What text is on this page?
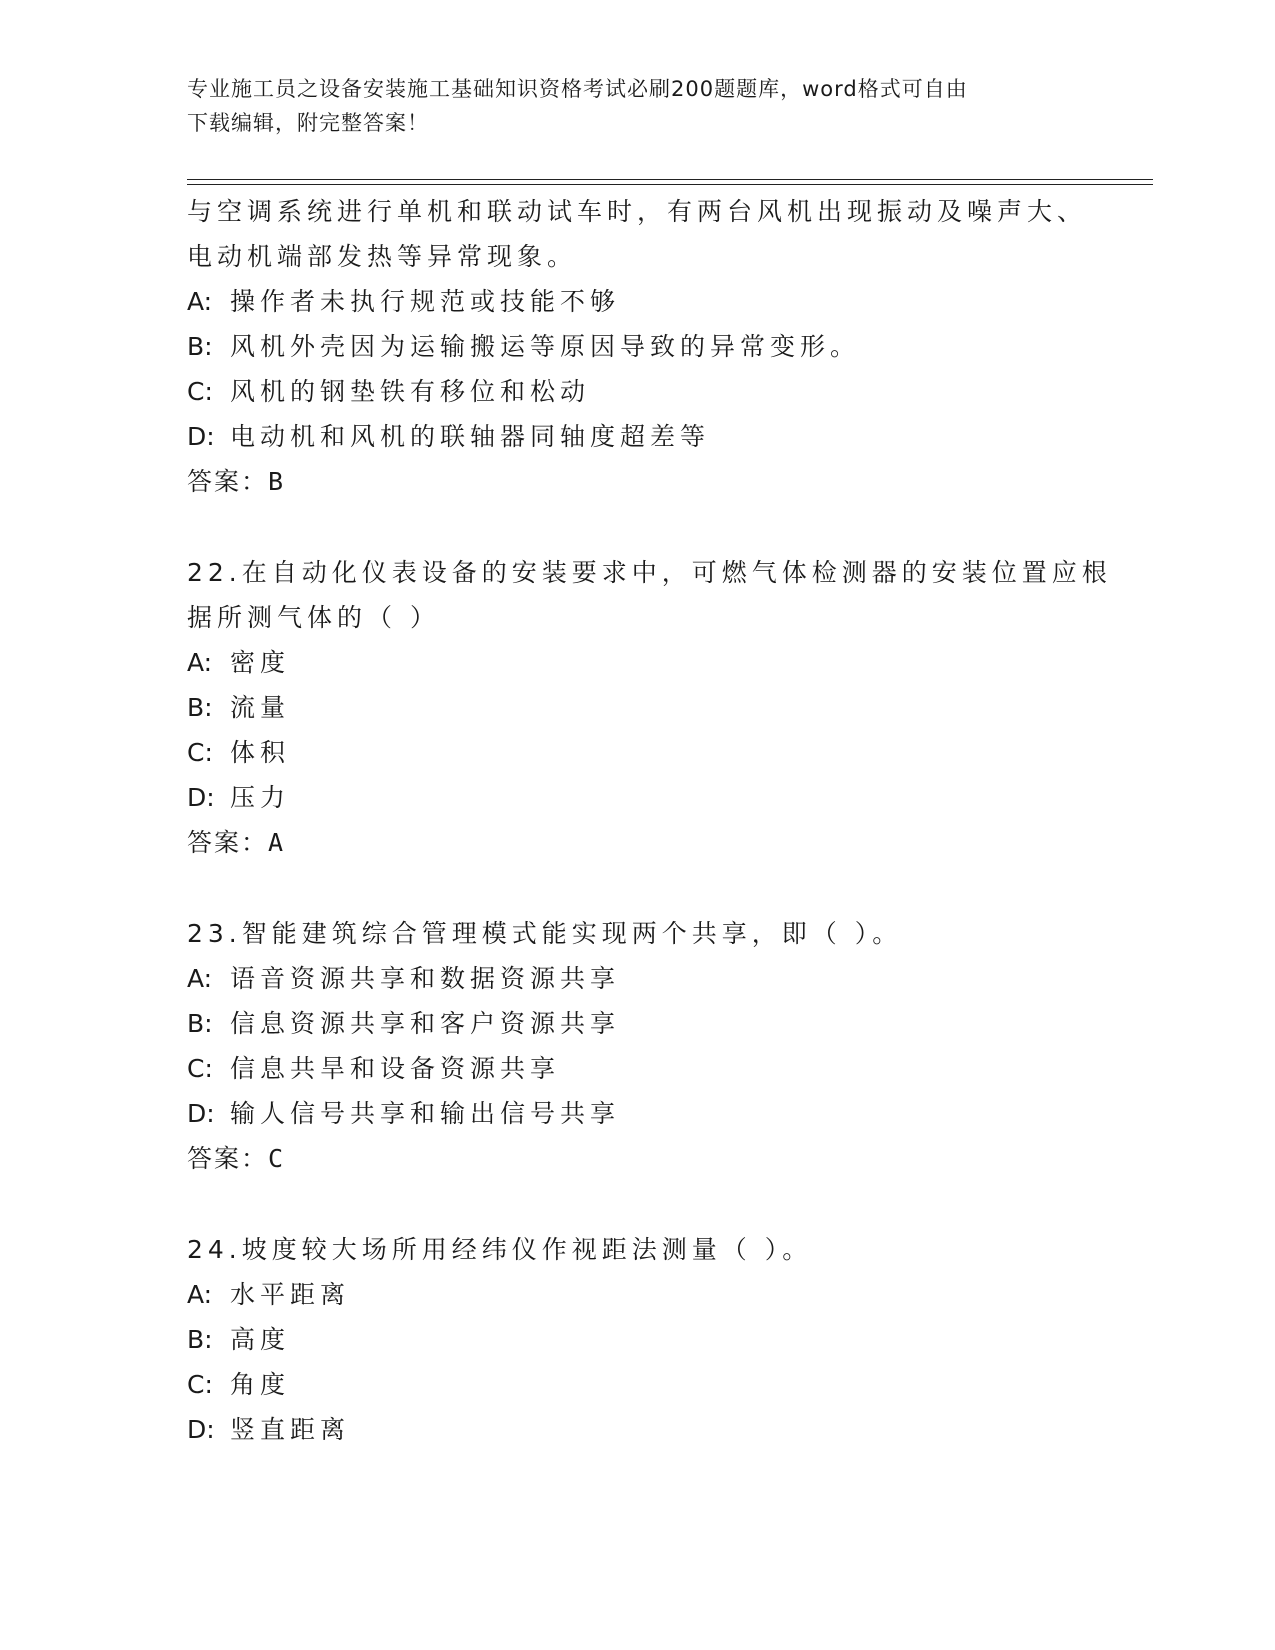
专业施工员之设备安装施工基础知识资格考试必刷200题题库，word格式可自由
下载编辑，附完整答案！
与空调系统进行单机和联动试车时，有两台风机出现振动及噪声大、
电动机端部发热等异常现象。
A: 操作者未执行规范或技能不够
B: 风机外壳因为运输搬运等原因导致的异常变形。
C: 风机的钢垫铁有移位和松动
D: 电动机和风机的联轴器同轴度超差等
答案：B
22.在自动化仪表设备的安装要求中，可燃气体检测器的安装位置应根
据所测气体的（ ）
A: 密度
B: 流量
C: 体积
D: 压力
答案：A
23.智能建筑综合管理模式能实现两个共享，即（ ）。
A: 语音资源共享和数据资源共享
B: 信息资源共享和客户资源共享
C: 信息共旱和设备资源共享
D: 输人信号共享和输出信号共享
答案：C
24.坡度较大场所用经纬仪作视距法测量（ ）。
A: 水平距离
B: 高度
C: 角度
D: 竖直距离
